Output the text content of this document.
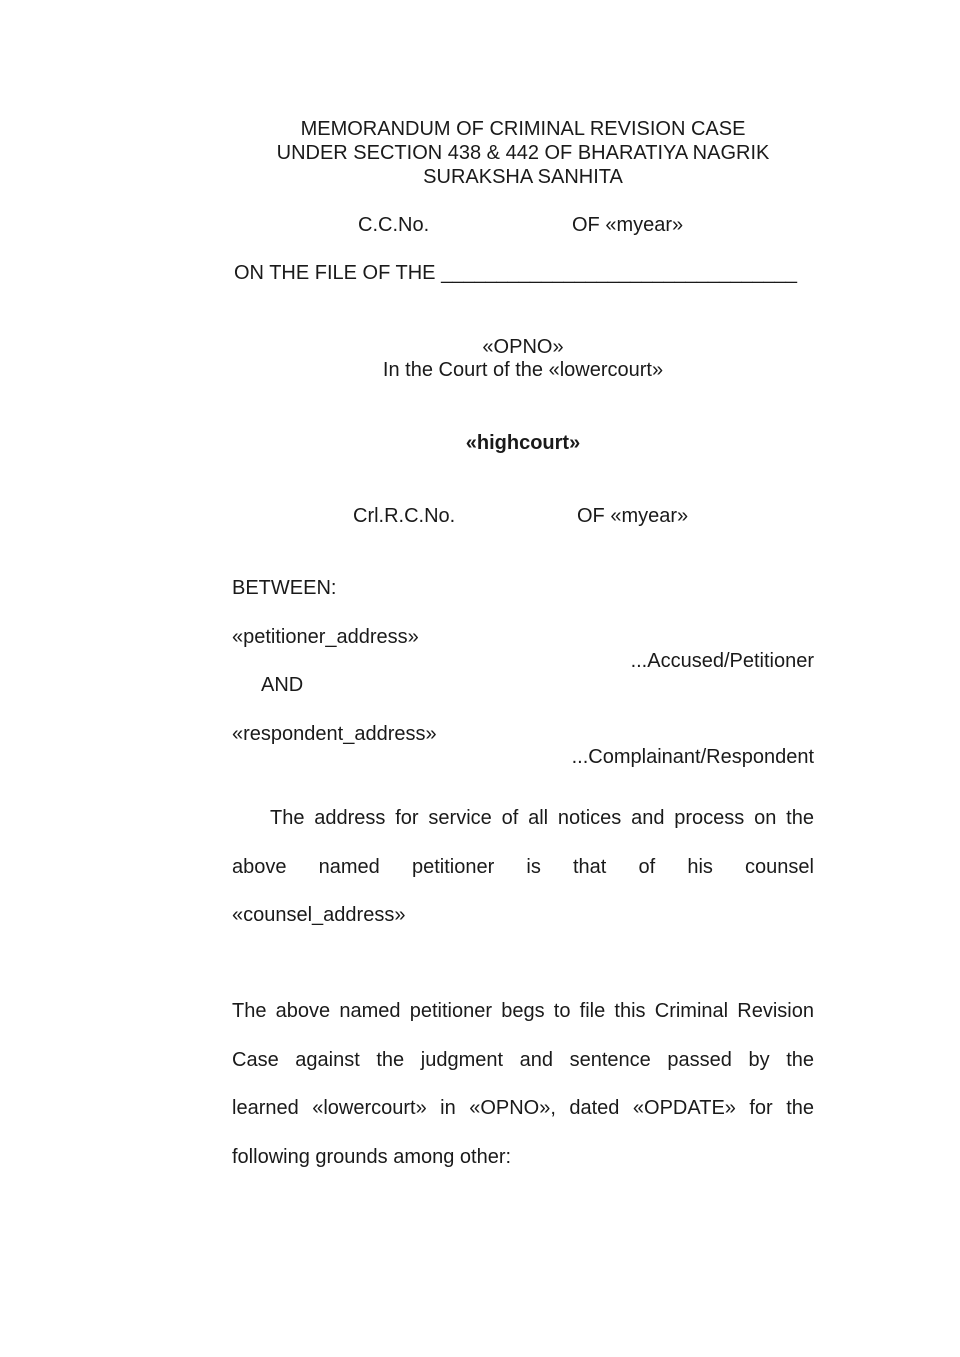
MEMORANDUM OF CRIMINAL REVISION CASE
UNDER SECTION 438 & 442 OF BHARATIYA NAGRIK
SURAKSHA SANHITA
C.C.No.	OF «myear»
ON THE FILE OF THE ________________________________
«OPNO»
In the Court of the «lowercourt»
«highcourt»
Crl.R.C.No.	OF «myear»
BETWEEN:
«petitioner_address»
...Accused/Petitioner
AND
«respondent_address»
...Complainant/Respondent
The address for service of all notices and process on the
above named petitioner is that of his counsel
«counsel_address»
The above named petitioner begs to file this Criminal Revision
Case against the judgment and sentence passed by the
learned «lowercourt» in «OPNO», dated «OPDATE» for the
following grounds among other:
